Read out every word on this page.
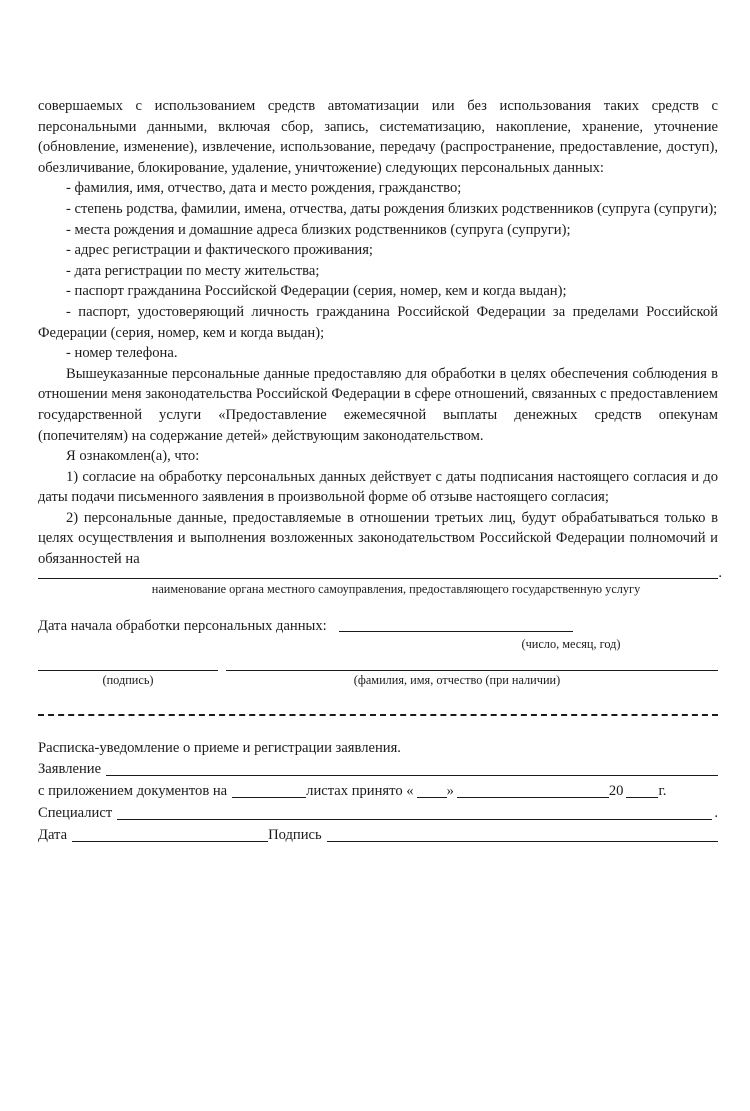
совершаемых с использованием средств автоматизации или без использования таких средств с персональными данными, включая сбор, запись, систематизацию, накопление, хранение, уточнение (обновление, изменение), извлечение, использование, передачу (распространение, предоставление, доступ), обезличивание, блокирование, удаление, уничтожение) следующих персональных данных:

- фамилия, имя, отчество, дата и место рождения, гражданство;

- степень родства, фамилии, имена, отчества, даты рождения близких родственников (супруга (супруги);

- места рождения и домашние адреса близких родственников (супруга (супруги);

- адрес регистрации и фактического проживания;

- дата регистрации по месту жительства;

- паспорт гражданина Российской Федерации (серия, номер, кем и когда выдан);

- паспорт, удостоверяющий личность гражданина Российской Федерации за пределами Российской Федерации (серия, номер, кем и когда выдан);

- номер телефона.

Вышеуказанные персональные данные предоставляю для обработки в целях обеспечения соблюдения в отношении меня законодательства Российской Федерации в сфере отношений, связанных с предоставлением государственной услуги «Предоставление ежемесячной выплаты денежных средств опекунам (попечителям) на содержание детей» действующим законодательством.

Я ознакомлен(а), что:

1) согласие на обработку персональных данных действует с даты подписания настоящего согласия и до даты подачи письменного заявления в произвольной форме об отзыве настоящего согласия;

2) персональные данные, предоставляемые в отношении третьих лиц, будут обрабатываться только в целях осуществления и выполнения возложенных законодательством Российской Федерации полномочий и обязанностей на

.
наименование органа местного самоуправления, предоставляющего государственную услугу
Дата начала обработки персональных данных:
(число, месяц, год)
(подпись)	(фамилия, имя, отчество (при наличии)
Расписка-уведомление о приеме и регистрации заявления.
Заявление
с приложением документов на	листах принято « »	20 г.
Специалист	.
Дата	Подпись
